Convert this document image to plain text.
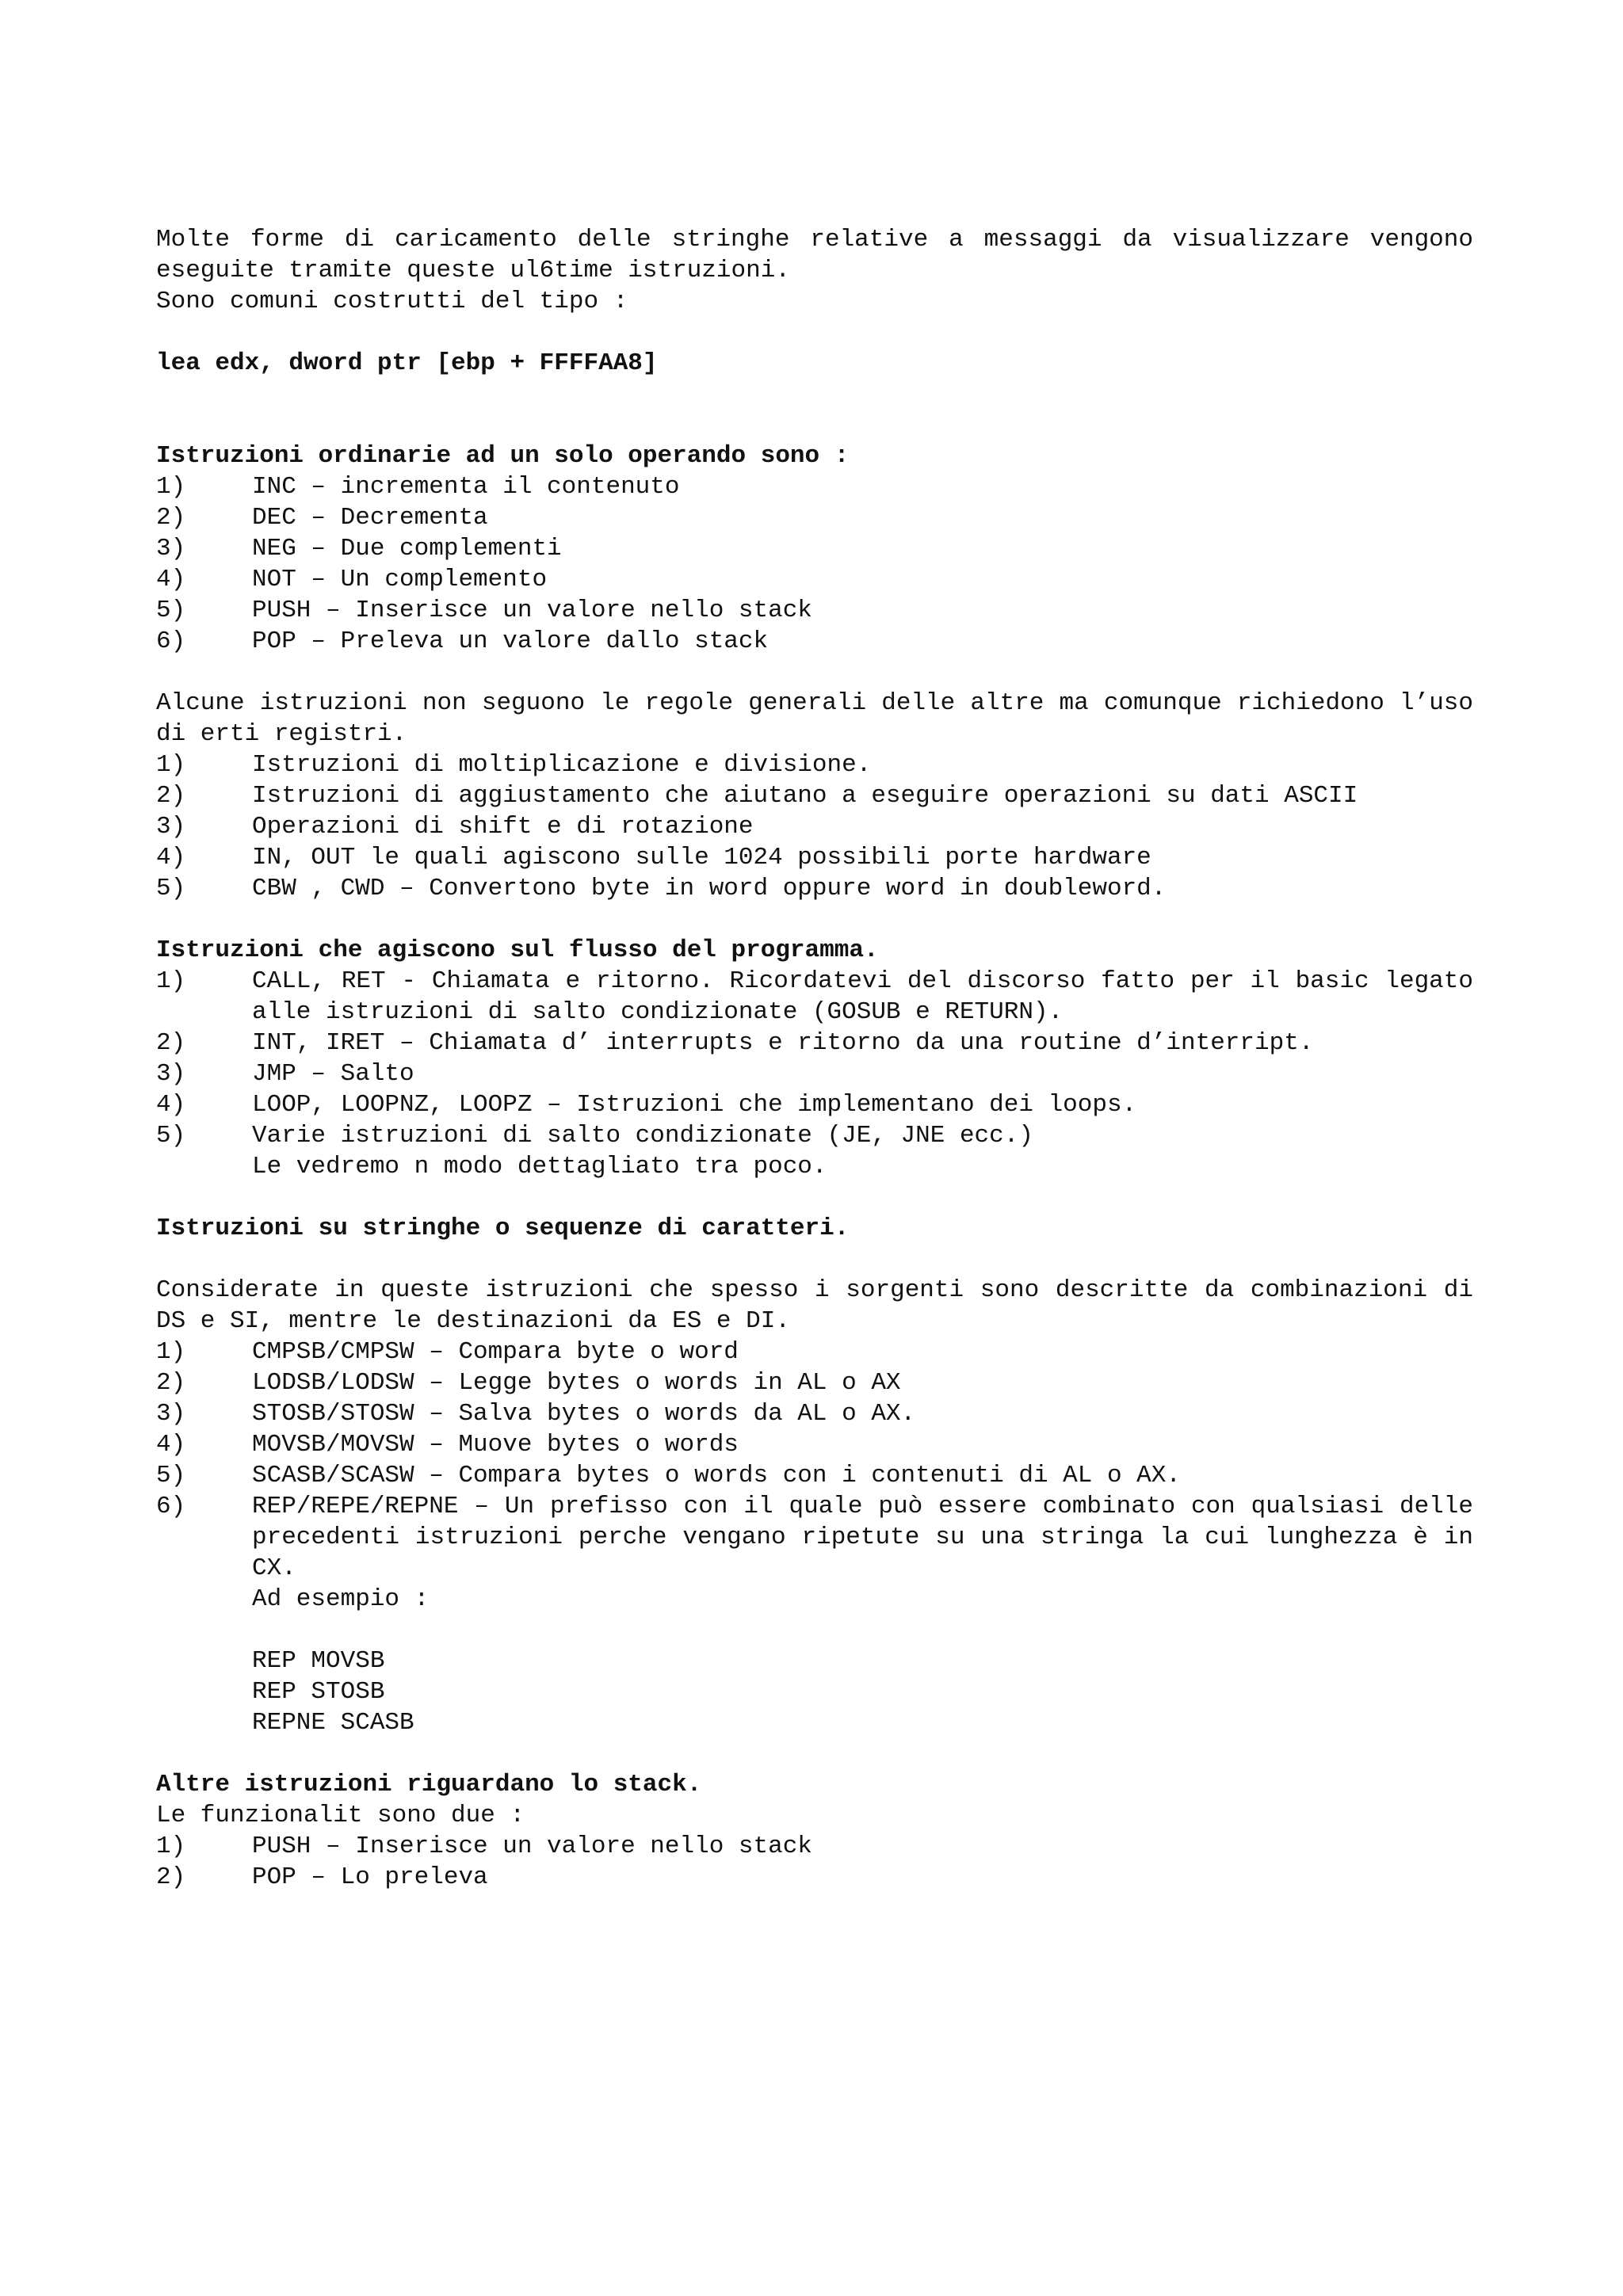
Molte forme di caricamento delle stringhe relative a messaggi da visualizzare vengono eseguite tramite queste ul6time istruzioni.

Sono comuni costrutti del tipo :

lea edx, dword ptr [ebp + FFFFAA8]

Istruzioni ordinarie ad un solo operando sono :

1)	INC – incrementa il contenuto
2)	DEC – Decrementa
3)	NEG – Due complementi
4)	NOT – Un complemento
5)	PUSH – Inserisce un valore nello stack
6)	POP – Preleva un valore dallo stack

Alcune istruzioni non seguono le regole generali delle altre ma comunque richiedono l’uso di erti registri.

1)	Istruzioni di moltiplicazione e divisione.
2)	Istruzioni di aggiustamento che aiutano a eseguire operazioni su dati ASCII
3)	Operazioni di shift e di rotazione
4)	IN, OUT le quali agiscono sulle 1024 possibili porte hardware
5)	CBW , CWD – Convertono byte in word oppure word in doubleword.

Istruzioni che agiscono sul flusso del programma.

1)	CALL, RET - Chiamata e ritorno. Ricordatevi del discorso fatto per il basic legato alle istruzioni di salto condizionate (GOSUB e RETURN).
2)	INT, IRET – Chiamata d’ interrupts e ritorno da una routine d’interript.
3)	JMP – Salto
4)	LOOP, LOOPNZ, LOOPZ – Istruzioni che implementano dei loops.
5)	Varie istruzioni di salto condizionate (JE, JNE ecc.)

Le vedremo n modo dettagliato tra poco.

Istruzioni su stringhe o sequenze di caratteri.

Considerate in queste istruzioni che spesso i sorgenti sono descritte da combinazioni di DS e SI, mentre le destinazioni da ES e DI.

1)	CMPSB/CMPSW – Compara byte o word
2)	LODSB/LODSW – Legge bytes o words in AL o AX
3)	STOSB/STOSW – Salva bytes o words da AL o AX.
4)	MOVSB/MOVSW – Muove bytes o words
5)	SCASB/SCASW – Compara bytes o words con i contenuti di AL o AX.
6)	REP/REPE/REPNE – Un prefisso con il quale può essere combinato con qualsiasi delle precedenti istruzioni perche vengano ripetute su una stringa la cui lunghezza è in CX.

Ad esempio :

REP MOVSB

REP STOSB

REPNE SCASB

Altre istruzioni riguardano lo stack.

Le funzionalit sono due :

1)	PUSH – Inserisce un valore nello stack
2)	POP – Lo preleva
